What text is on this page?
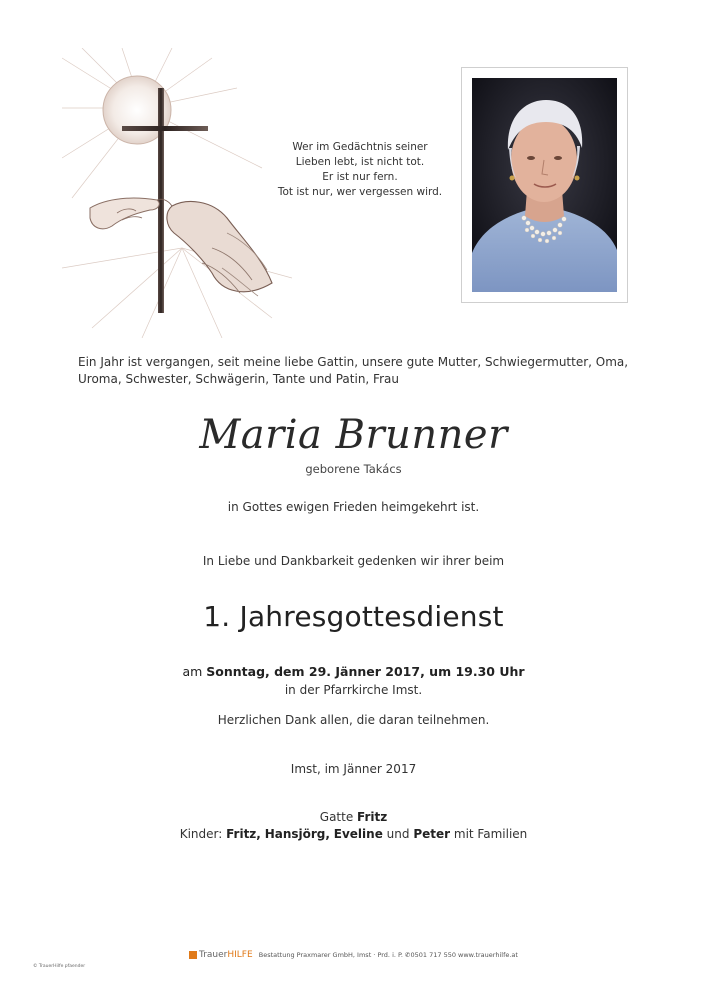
Wer im Gedächtnis seiner
Lieben lebt, ist nicht tot.
Er ist nur fern.
Tot ist nur, wer vergessen wird.
Ein Jahr ist vergangen, seit meine liebe Gattin, unsere gute Mutter, Schwiegermutter, Oma, Uroma, Schwester, Schwägerin, Tante und Patin, Frau
Maria Brunner
geborene Takács
in Gottes ewigen Frieden heimgekehrt ist.
In Liebe und Dankbarkeit gedenken wir ihrer beim
1. Jahresgottesdienst
am Sonntag, dem 29. Jänner 2017, um 19.30 Uhr
in der Pfarrkirche Imst.
Herzlichen Dank allen, die daran teilnehmen.
Imst, im Jänner 2017
Gatte Fritz
Kinder: Fritz, Hansjörg, Eveline und Peter mit Familien
TrauerHILFE Bestattung Praxmarer GmbH, Imst · Prd. i. P. ✆0501 717 550 www.trauerhilfe.at
© TrauerHilfe pfaender
